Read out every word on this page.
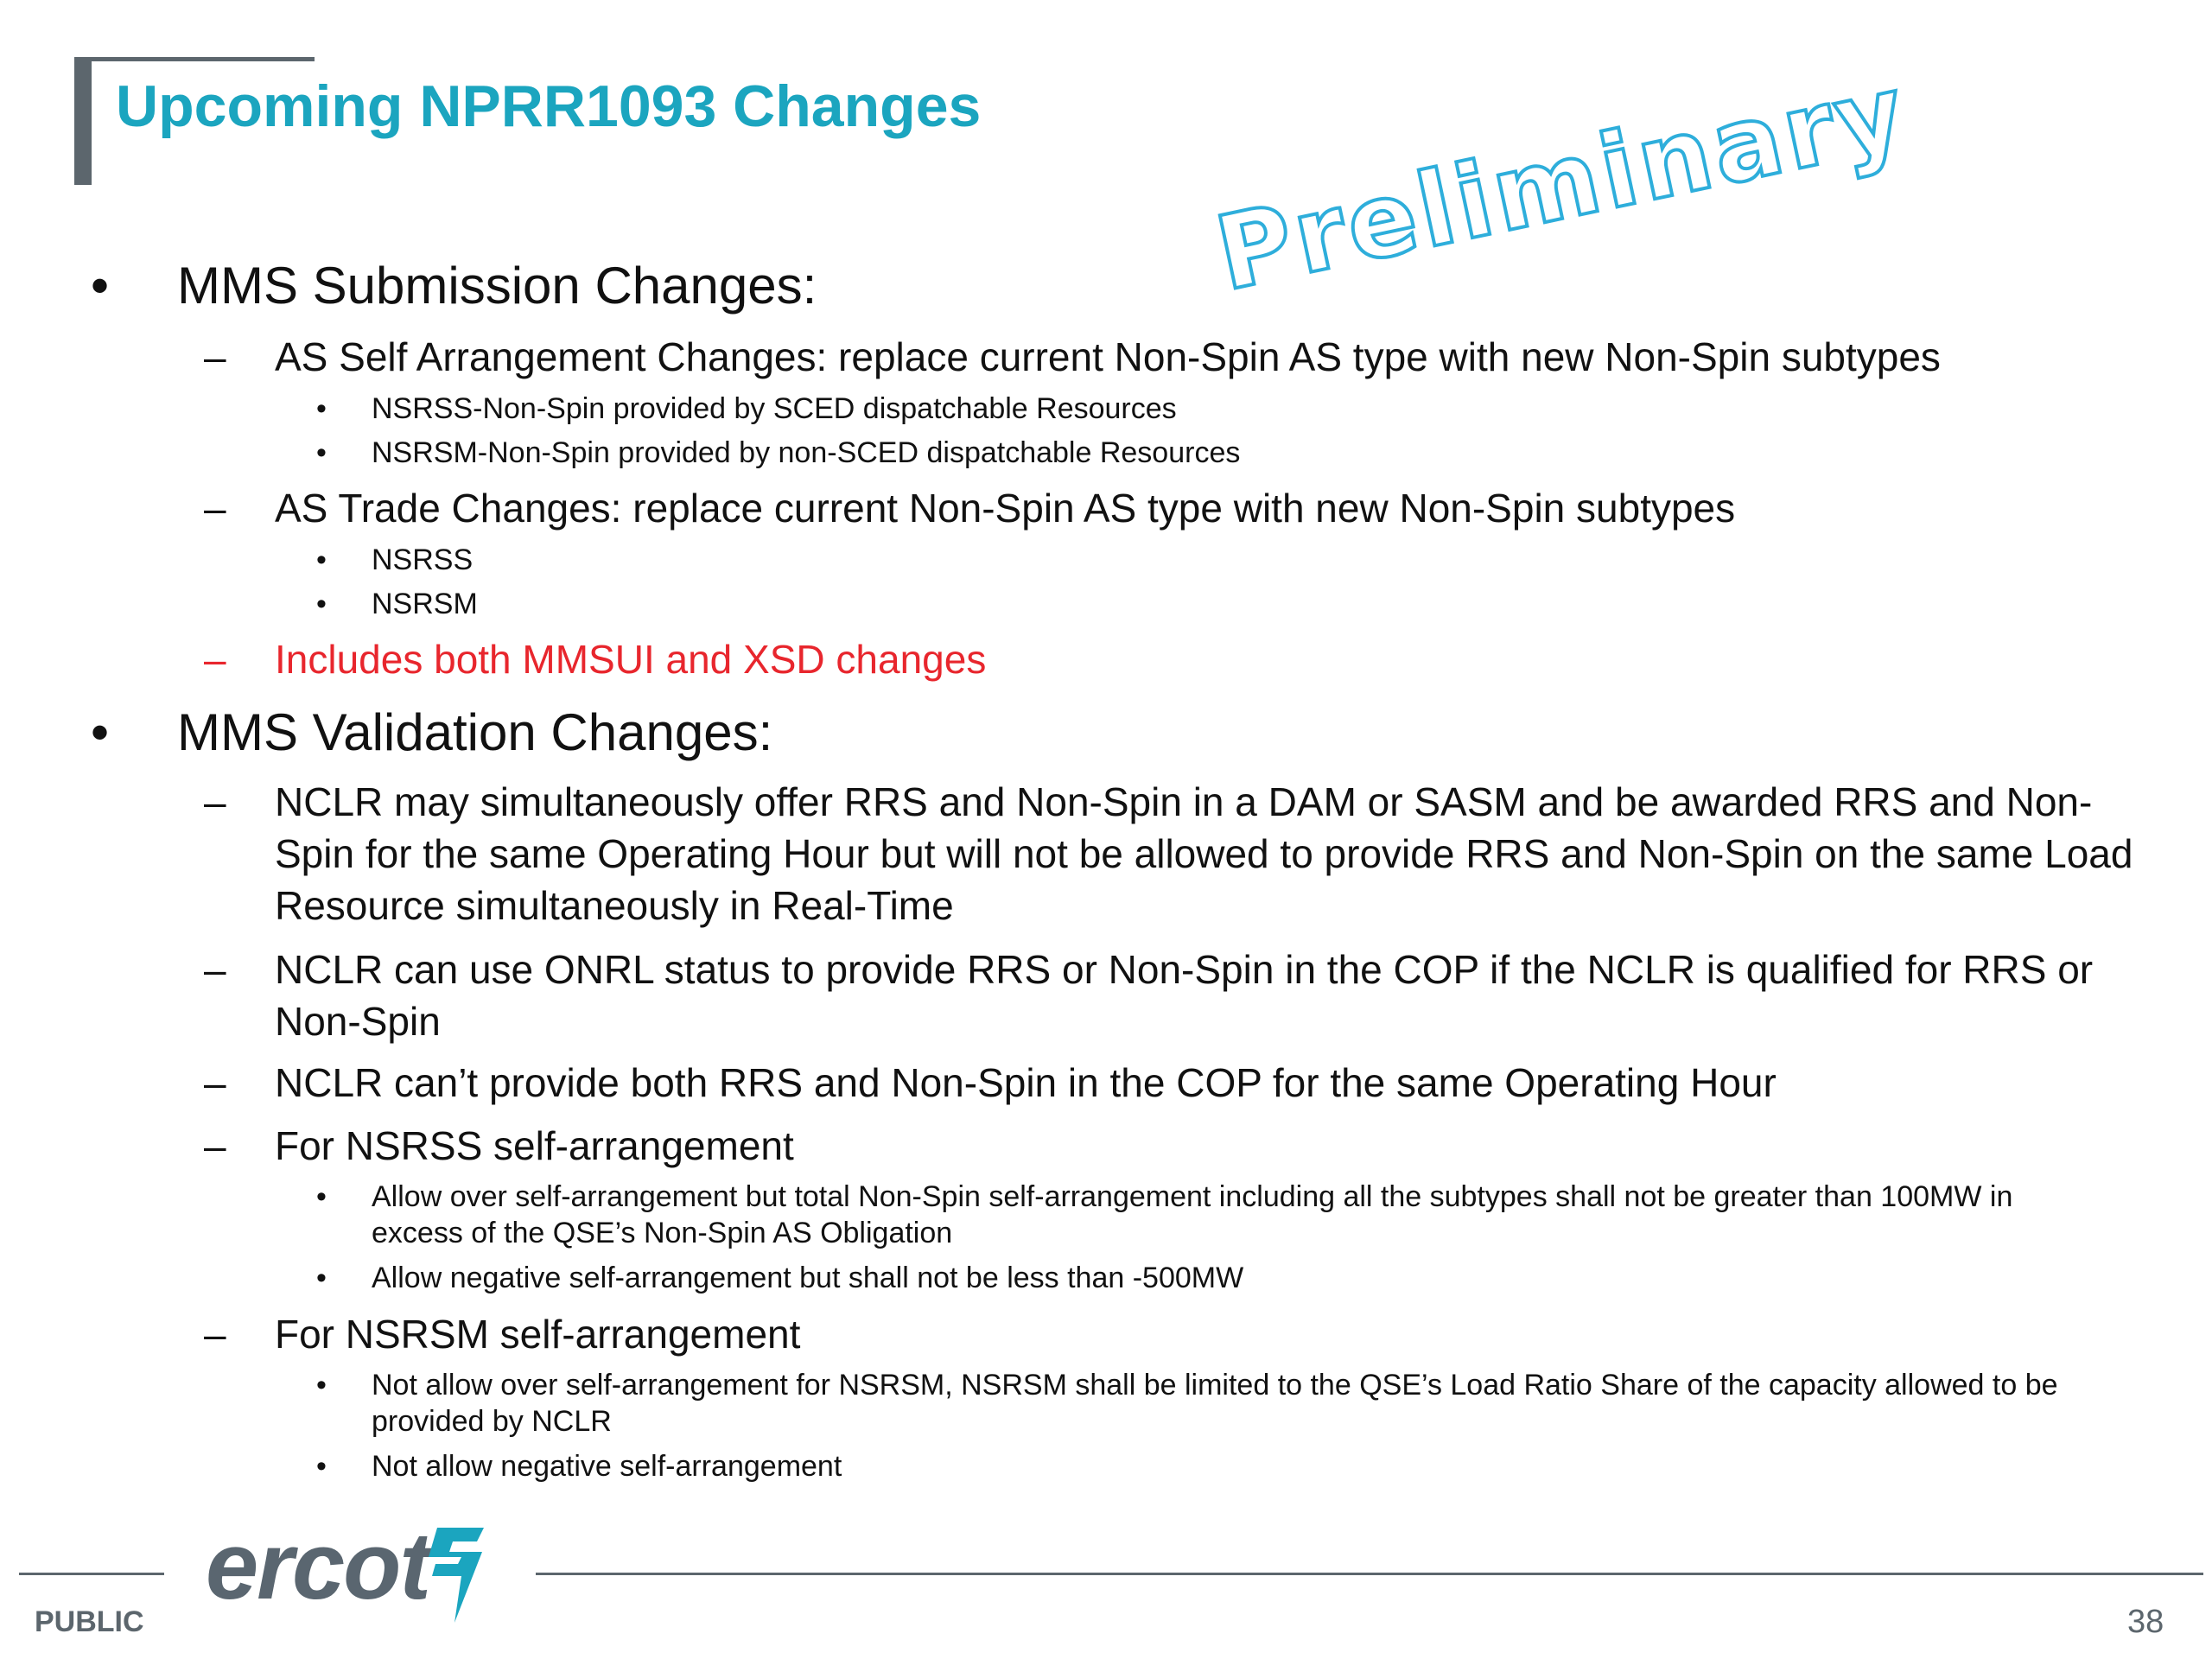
Upcoming NPRR1093 Changes Preliminary
• MMS Submission Changes:
– AS Self Arrangement Changes: replace current Non-Spin AS type with new Non-Spin subtypes
• NSRSS-Non-Spin provided by SCED dispatchable Resources
• NSRSM-Non-Spin provided by non-SCED dispatchable Resources
– AS Trade Changes: replace current Non-Spin AS type with new Non-Spin subtypes
• NSRSS
• NSRSM
– Includes both MMSUI and XSD changes
• MMS Validation Changes:
– NCLR may simultaneously offer RRS and Non-Spin in a DAM or SASM and be awarded RRS and Non-Spin for the same Operating Hour but will not be allowed to provide RRS and Non-Spin on the same Load Resource simultaneously in Real-Time
– NCLR can use ONRL status to provide RRS or Non-Spin in the COP if the NCLR is qualified for RRS or Non-Spin
– NCLR can’t provide both RRS and Non-Spin in the COP for the same Operating Hour
– For NSRSS self-arrangement
• Allow over self-arrangement but total Non-Spin self-arrangement including all the subtypes shall not be greater than 100MW in excess of the QSE’s Non-Spin AS Obligation
• Allow negative self-arrangement but shall not be less than -500MW
– For NSRSM self-arrangement
• Not allow over self-arrangement for NSRSM, NSRSM shall be limited to the QSE’s Load Ratio Share of the capacity allowed to be provided by NCLR
• Not allow negative self-arrangement
ercot
PUBLIC	38
